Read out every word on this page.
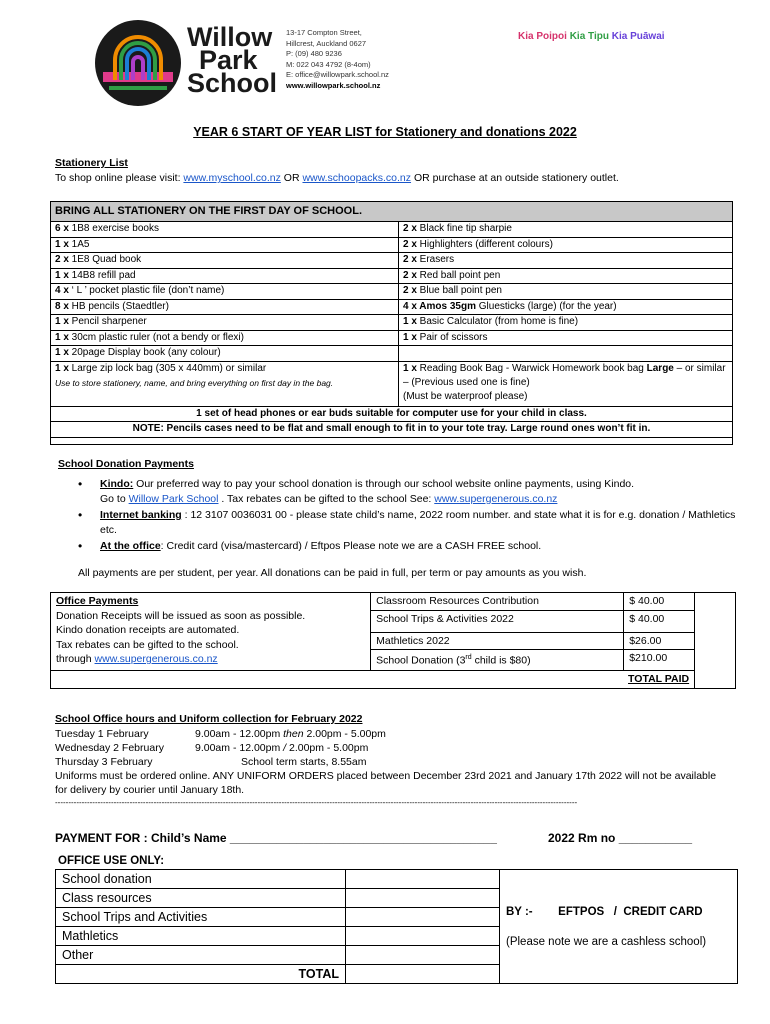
Willow
Park
School
13-17 Compton Street,
Hillcrest, Auckland 0627
P: (09) 480 9236
M: 022 043 4792 (8-4om)
E: office@willowpark.school.nz
www.willowpark.school.nz
Kia Poipoi Kia Tipu Kia Puāwai
YEAR 6 START OF YEAR LIST for Stationery and donations 2022
Stationery List
To shop online please visit: www.myschool.co.nz OR www.schoopacks.co.nz OR purchase at an outside stationery outlet.
BRING ALL STATIONERY ON THE FIRST DAY OF SCHOOL.	
6 x 1B8 exercise books	2 x Black fine tip sharpie
1 x 1A5	2 x Highlighters (different colours)
2 x 1E8 Quad book	2 x Erasers
1 x 14B8 refill pad	2 x Red ball point pen
4 x ‘ L ’ pocket plastic file (don’t name)	2 x Blue ball point pen
8 x HB pencils (Staedtler)	4 x Amos 35gm Gluesticks (large) (for the year)
1 x Pencil sharpener	1 x Basic Calculator (from home is fine)
1 x 30cm plastic ruler (not a bendy or flexi)	1 x Pair of scissors
1 x 20page Display book (any colour)	
1 x Large zip lock bag (305 x 440mm) or similar
Use to store stationery, name, and bring everything on first day in the bag.	1 x Reading Book Bag - Warwick Homework book bag Large – or similar – (Previous used one is fine)
(Must be waterproof please)
1 set of head phones or ear buds suitable for computer use for your child in class.	
NOTE: Pencils cases need to be flat and small enough to fit in to your tote tray. Large round ones won’t fit in.	

School Donation Payments
• Kindo: Our preferred way to pay your school donation is through our school website online payments, using Kindo.
Go to Willow Park School . Tax rebates can be gifted to the school See: www.supergenerous.co.nz
• Internet banking : 12 3107 0036031 00 - please state child’s name, 2022 room number. and state what it is for e.g. donation / Mathletics etc.
• At the office: Credit card (visa/mastercard) / Eftpos Please note we are a CASH FREE school.
All payments are per student, per year. All donations can be paid in full, per term or pay amounts as you wish.
Office Payments
Donation Receipts will be issued as soon as possible.
Kindo donation receipts are automated.
Tax rebates can be gifted to the school.
through www.supergenerous.co.nz	Classroom Resources Contribution	$ 40.00	
	School Trips & Activities 2022	$ 40.00	
	Mathletics 2022	$26.00	
	School Donation (3rd child is $80)	$210.00	
TOTAL PAID			
School Office hours and Uniform collection for February 2022
Tuesday 1 February	9.00am - 12.00pm then 2.00pm - 5.00pm
Wednesday 2 February	9.00am - 12.00pm / 2.00pm - 5.00pm
Thursday 3 February	School term starts, 8.55am
Uniforms must be ordered online. ANY UNIFORM ORDERS placed between December 23rd 2021 and January 17th 2022 will not be available for delivery by courier until January 18th.
----------------------------------------------------------------------------------------------------------------------------------------------------------------------------------------------------
PAYMENT FOR : Child’s Name ________________________________________	2022 Rm no ___________
OFFICE USE ONLY:
School donation		BY :-        EFTPOS   /  CREDIT CARD
(Please note we are a cashless school)

Class resources		
School Trips and Activities		
Mathletics		
Other		
TOTAL		
